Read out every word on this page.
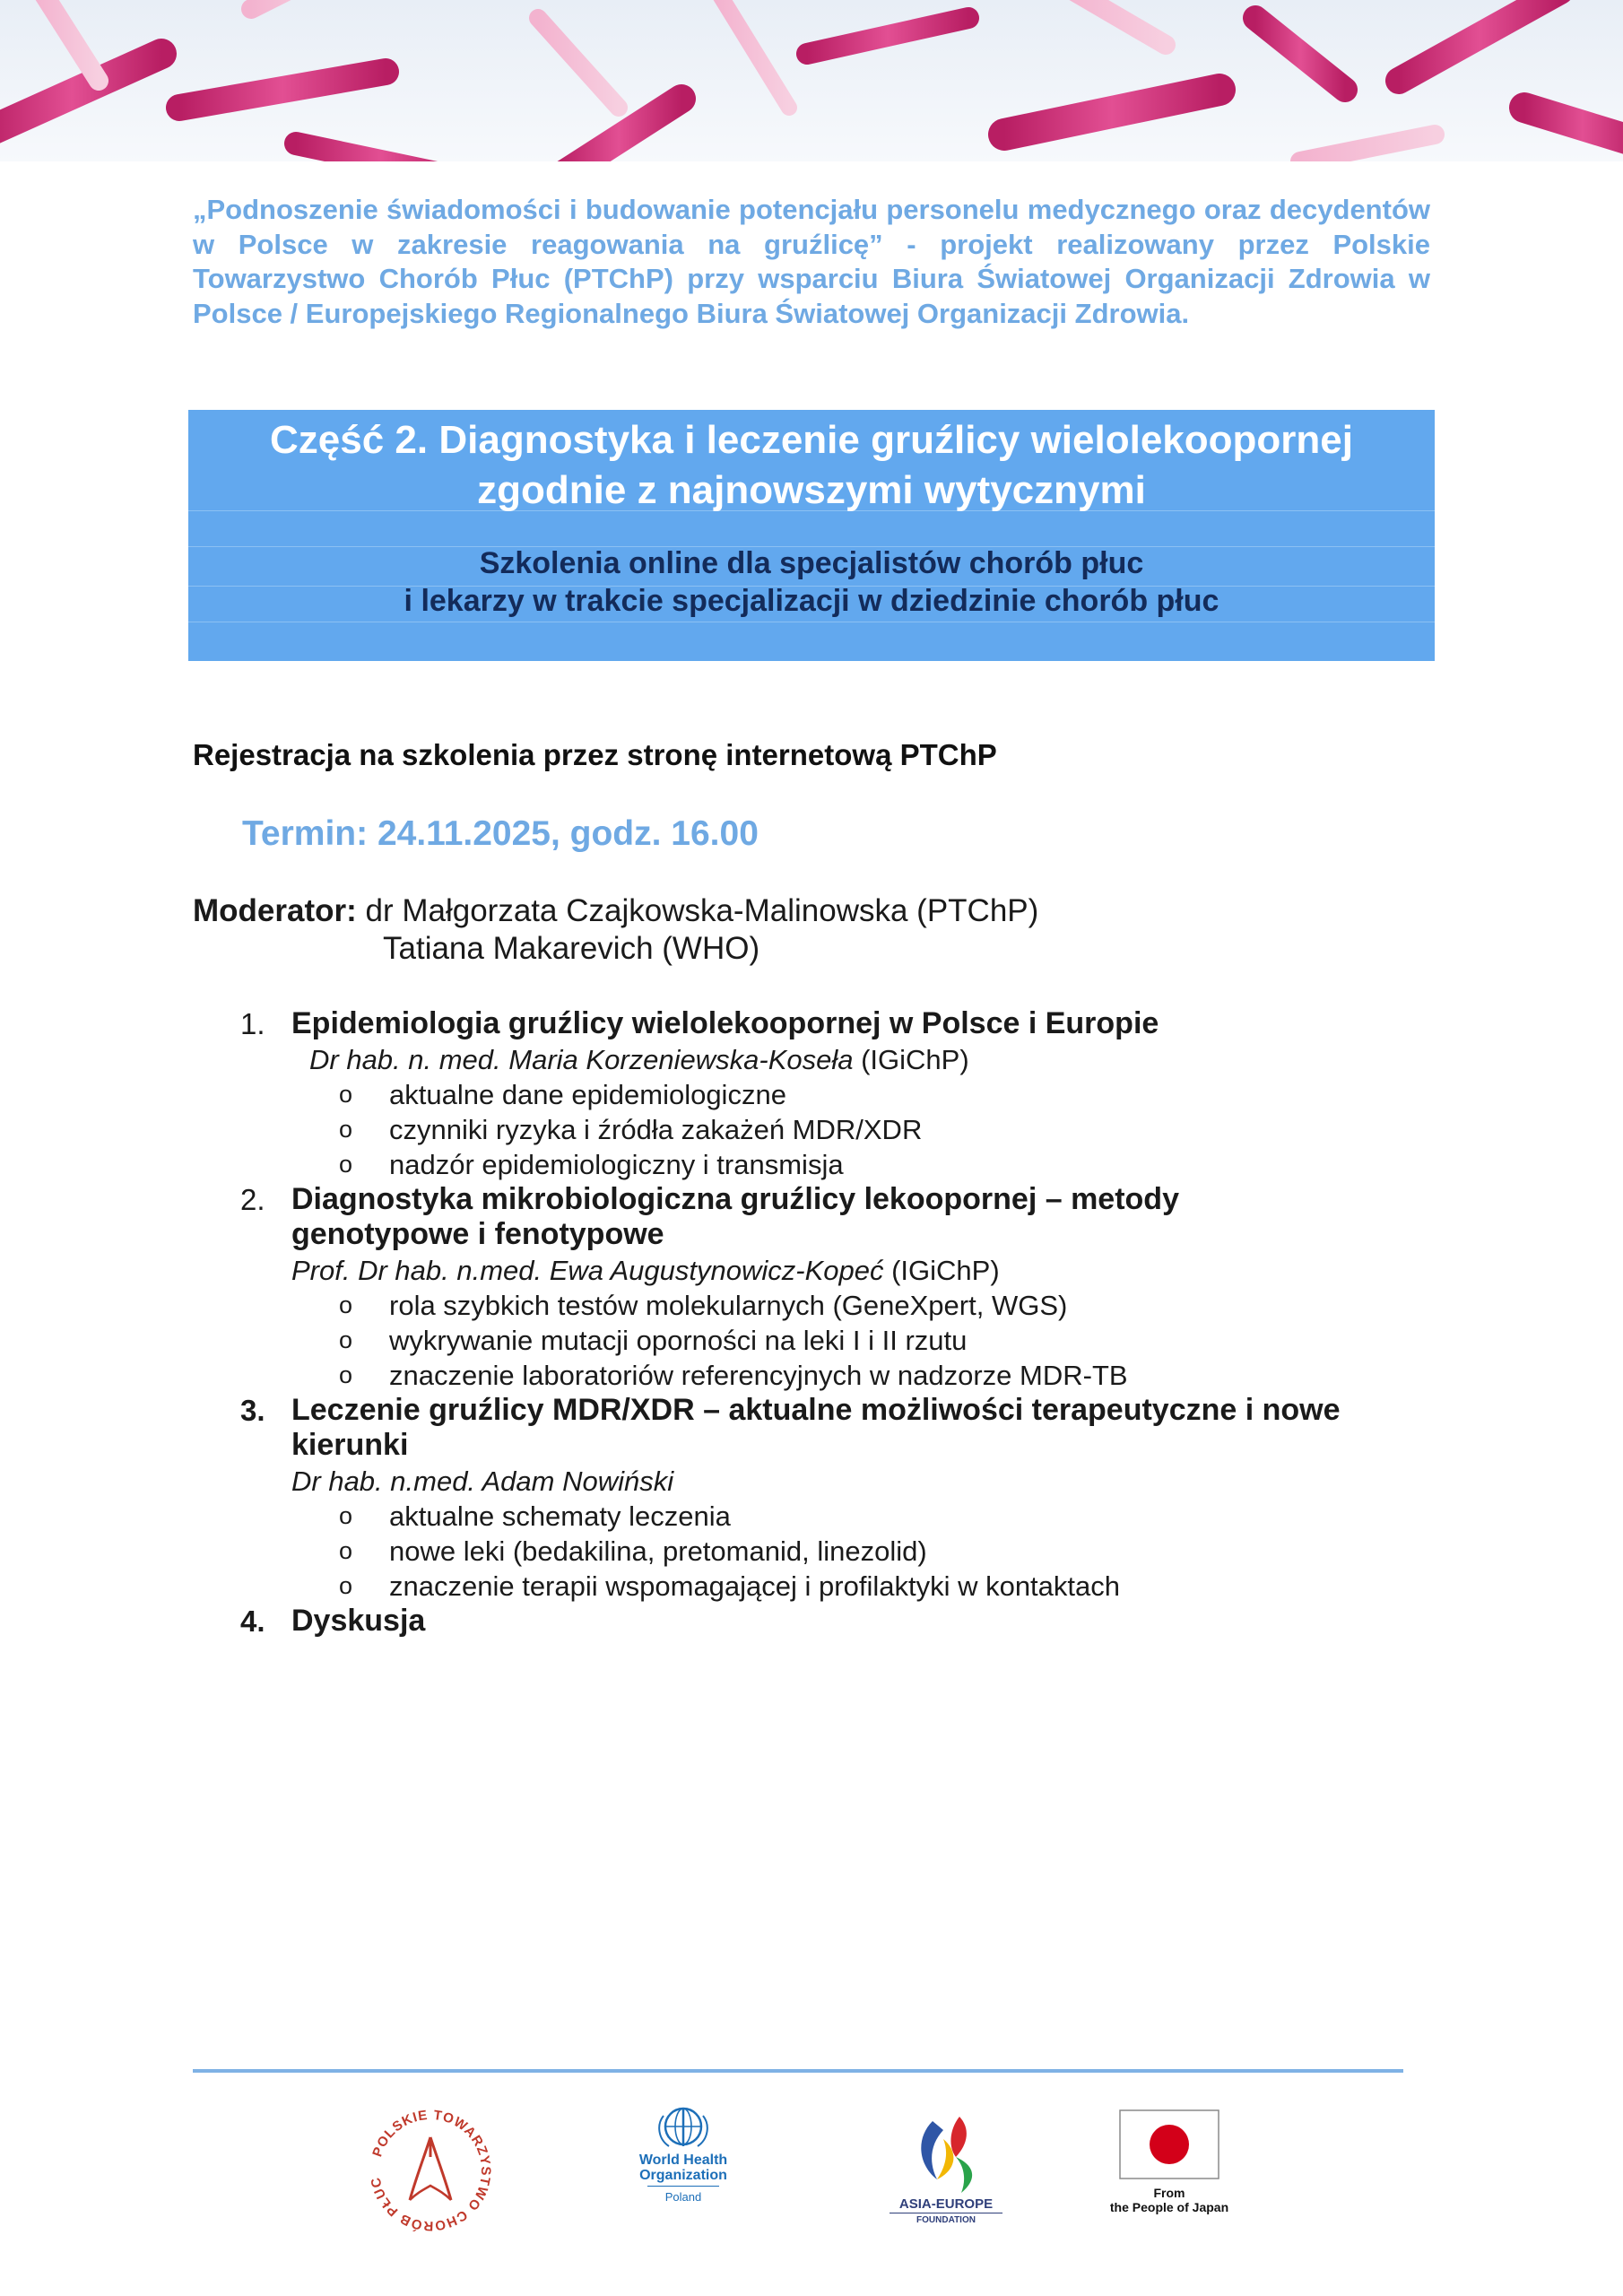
„Podnoszenie świadomości i budowanie potencjału personelu medycznego oraz decydentów w Polsce w zakresie reagowania na gruźlicę” - projekt realizowany przez Polskie Towarzystwo Chorób Płuc (PTChP) przy wsparciu Biura Światowej Organizacji Zdrowia w Polsce / Europejskiego Regionalnego Biura Światowej Organizacji Zdrowia.

Część 2. Diagnostyka i leczenie gruźlicy wielolekoopornej
zgodnie z najnowszymi wytycznymi
Szkolenia online dla specjalistów chorób płuc
i lekarzy w trakcie specjalizacji w dziedzinie chorób płuc
Rejestracja na szkolenia przez stronę internetową PTChP
Termin: 24.11.2025, godz. 16.00
Moderator: dr Małgorzata Czajkowska-Malinowska (PTChP)
Tatiana Makarevich (WHO)
1. Epidemiologia gruźlicy wielolekoopornej w Polsce i Europie
Dr hab. n. med. Maria Korzeniewska-Koseła (IGiChP)
o aktualne dane epidemiologiczne
o czynniki ryzyka i źródła zakażeń MDR/XDR
o nadzór epidemiologiczny i transmisja
2. Diagnostyka mikrobiologiczna gruźlicy lekoopornej – metody genotypowe i fenotypowe
Prof. Dr hab. n.med. Ewa Augustynowicz-Kopeć (IGiChP)
o rola szybkich testów molekularnych (GeneXpert, WGS)
o wykrywanie mutacji oporności na leki I i II rzutu
o znaczenie laboratoriów referencyjnych w nadzorze MDR-TB
3. Leczenie gruźlicy MDR/XDR – aktualne możliwości terapeutyczne i nowe kierunki
Dr hab. n.med. Adam Nowiński
o aktualne schematy leczenia
o nowe leki (bedakilina, pretomanid, linezolid)
o znaczenie terapii wspomagającej i profilaktyki w kontaktach
4. Dyskusja
POLSKIE TOWARZYSTWO CHORÓB PŁUC
World Health
Organization
Poland	ASIA-EUROPE
FOUNDATION
From
the People of Japan
